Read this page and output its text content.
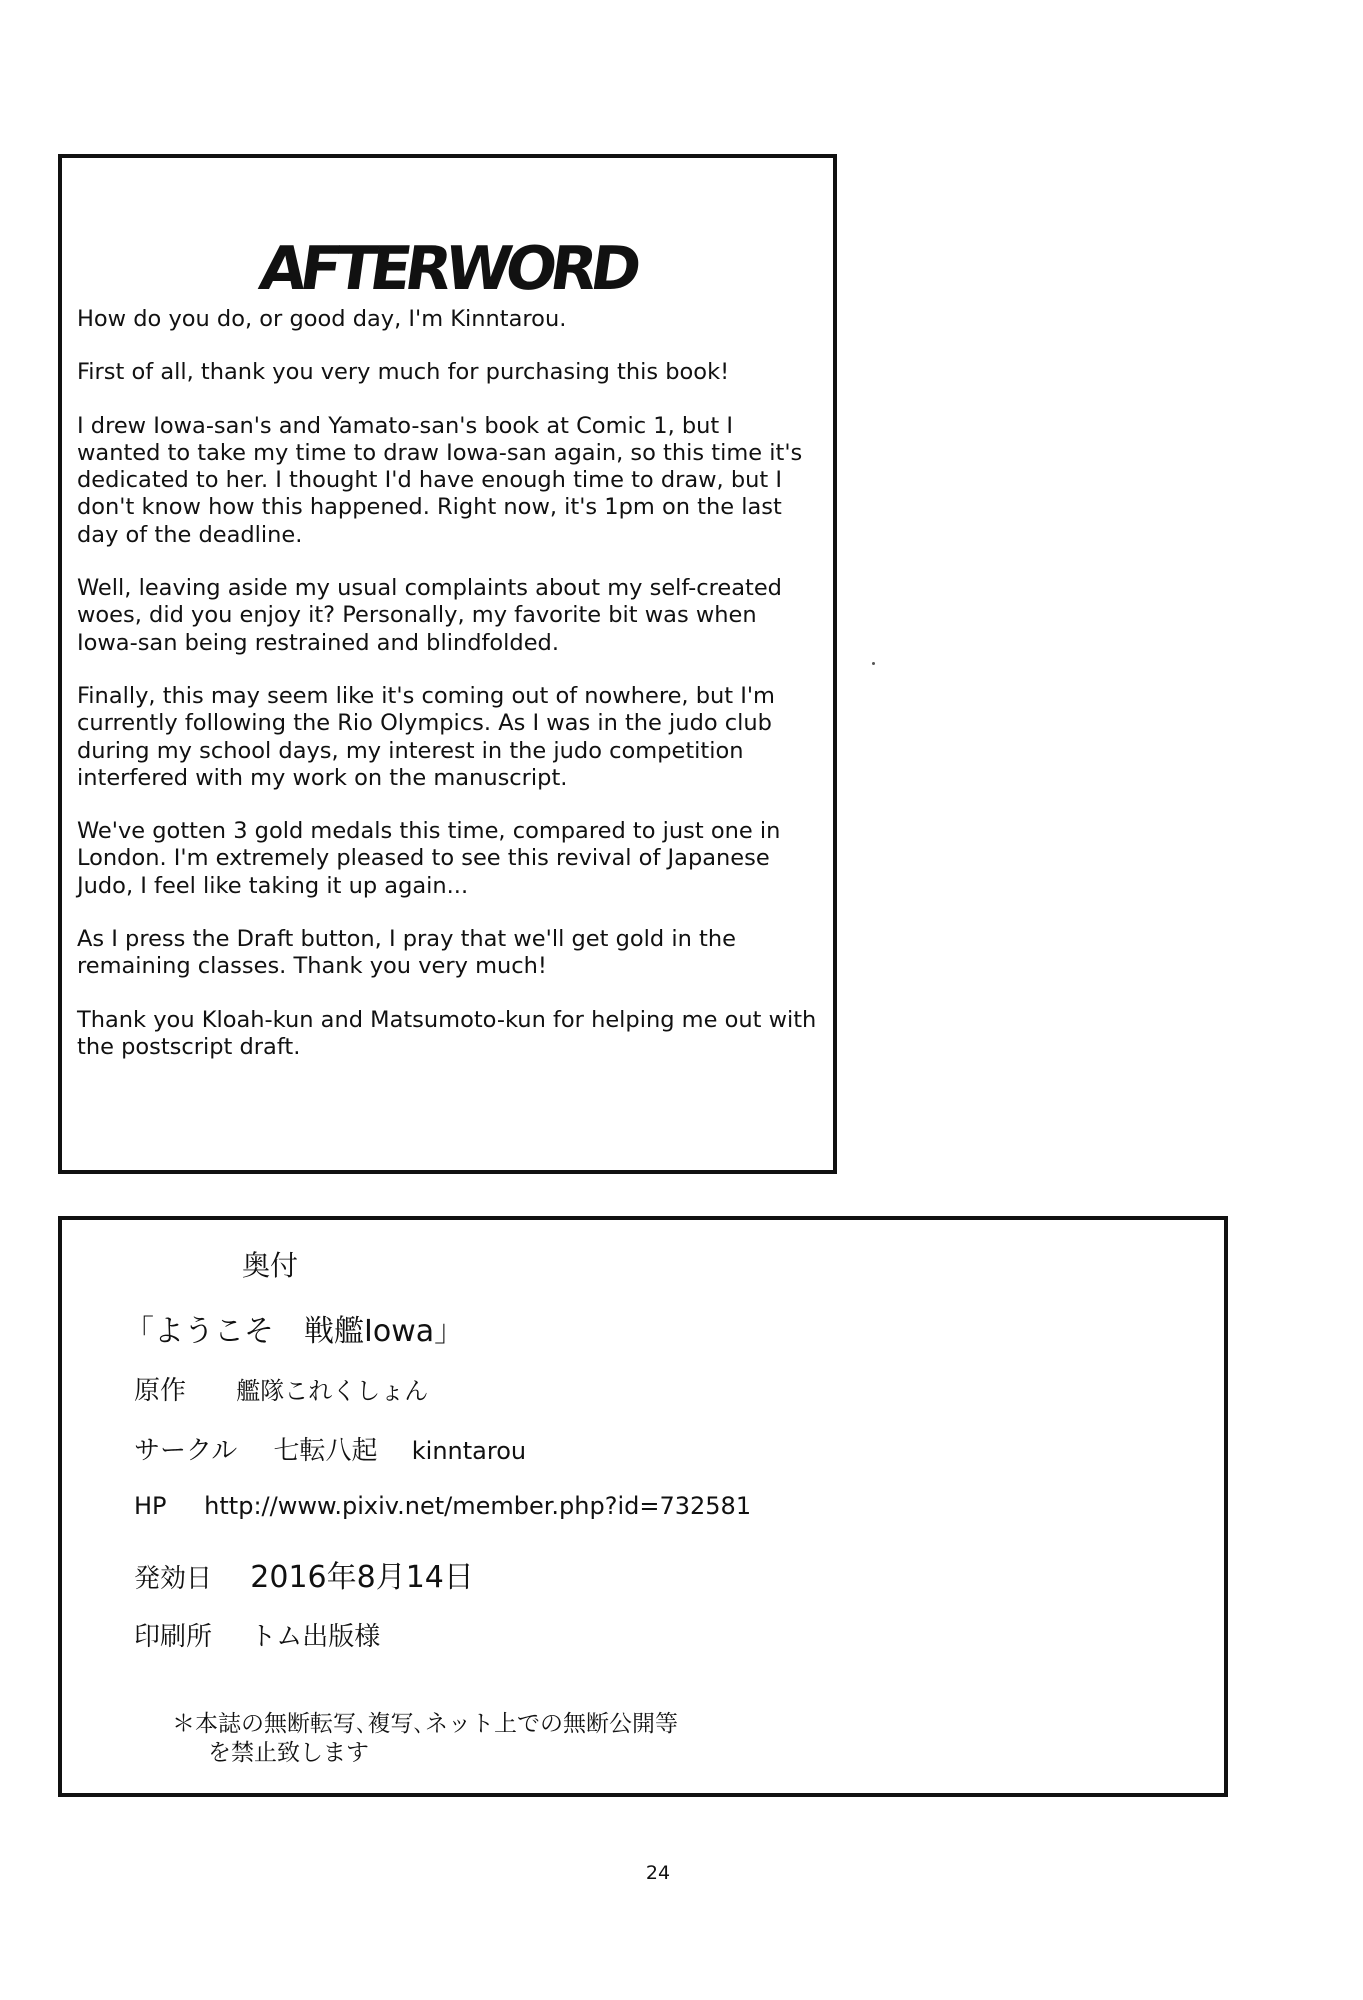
AFTERWORD

How do you do, or good day, I'm Kinntarou.

First of all, thank you very much for purchasing this book!

I drew Iowa-san's and Yamato-san's book at Comic 1, but I wanted to take my time to draw Iowa-san again, so this time it's dedicated to her. I thought I'd have enough time to draw, but I don't know how this happened. Right now, it's 1pm on the last day of the deadline.

Well, leaving aside my usual complaints about my self-created woes, did you enjoy it? Personally, my favorite bit was when Iowa-san being restrained and blindfolded.

Finally, this may seem like it's coming out of nowhere, but I'm currently following the Rio Olympics. As I was in the judo club during my school days, my interest in the judo competition interfered with my work on the manuscript.

We've gotten 3 gold medals this time, compared to just one in London. I'm extremely pleased to see this revival of Japanese Judo, I feel like taking it up again...

As I press the Draft button, I pray that we'll get gold in the remaining classes. Thank you very much!

Thank you Kloah-kun and Matsumoto-kun for helping me out with the postscript draft.

奥付
「ようこそ　戦艦Iowa」
原作 艦隊これくしょん
サークル 七転八起 kinntarou
HP http://www.pixiv.net/member.php?id=732581
発効日 2016年8月14日
印刷所 トム出版様
＊本誌の無断転写､複写､ネット上での無断公開等
を禁止致します
24
